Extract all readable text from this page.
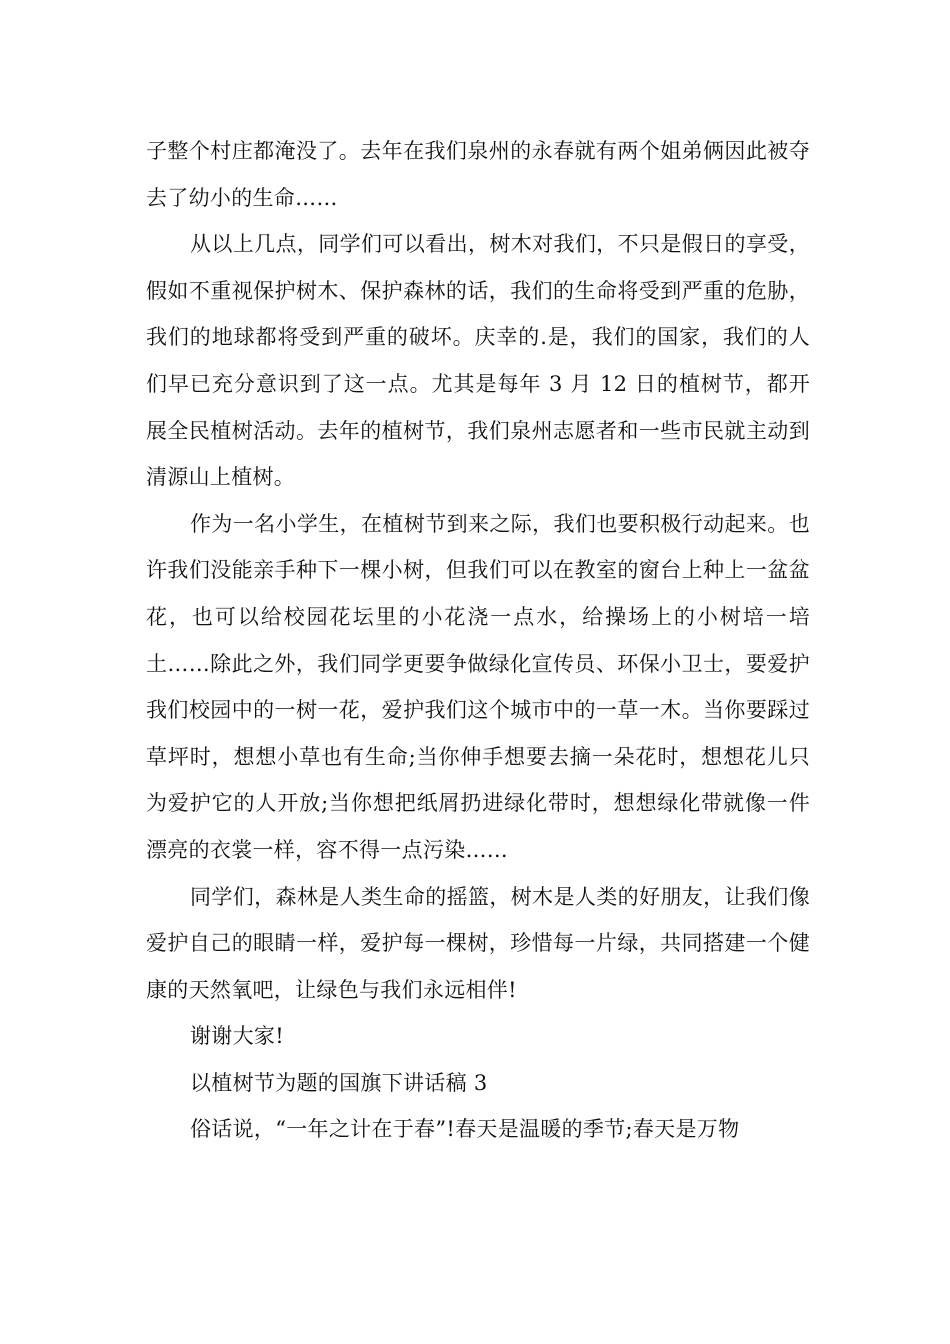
子整个村庄都淹没了。去年在我们泉州的永春就有两个姐弟俩因此被夺去了幼小的生命……

从以上几点，同学们可以看出，树木对我们，不只是假日的享受，假如不重视保护树木、保护森林的话，我们的生命将受到严重的危胁，我们的地球都将受到严重的破坏。庆幸的.是，我们的国家，我们的人们早已充分意识到了这一点。尤其是每年 3 月 12 日的植树节，都开展全民植树活动。去年的植树节，我们泉州志愿者和一些市民就主动到清源山上植树。

作为一名小学生，在植树节到来之际，我们也要积极行动起来。也许我们没能亲手种下一棵小树，但我们可以在教室的窗台上种上一盆盆花，也可以给校园花坛里的小花浇一点水，给操场上的小树培一培土……除此之外，我们同学更要争做绿化宣传员、环保小卫士，要爱护我们校园中的一树一花，爱护我们这个城市中的一草一木。当你要踩过草坪时，想想小草也有生命;当你伸手想要去摘一朵花时，想想花儿只为爱护它的人开放;当你想把纸屑扔进绿化带时，想想绿化带就像一件漂亮的衣裳一样，容不得一点污染……

同学们，森林是人类生命的摇篮，树木是人类的好朋友，让我们像爱护自己的眼睛一样，爱护每一棵树，珍惜每一片绿，共同搭建一个健康的天然氧吧，让绿色与我们永远相伴!

谢谢大家!

以植树节为题的国旗下讲话稿 3

俗话说，“一年之计在于春”!春天是温暖的季节;春天是万物
